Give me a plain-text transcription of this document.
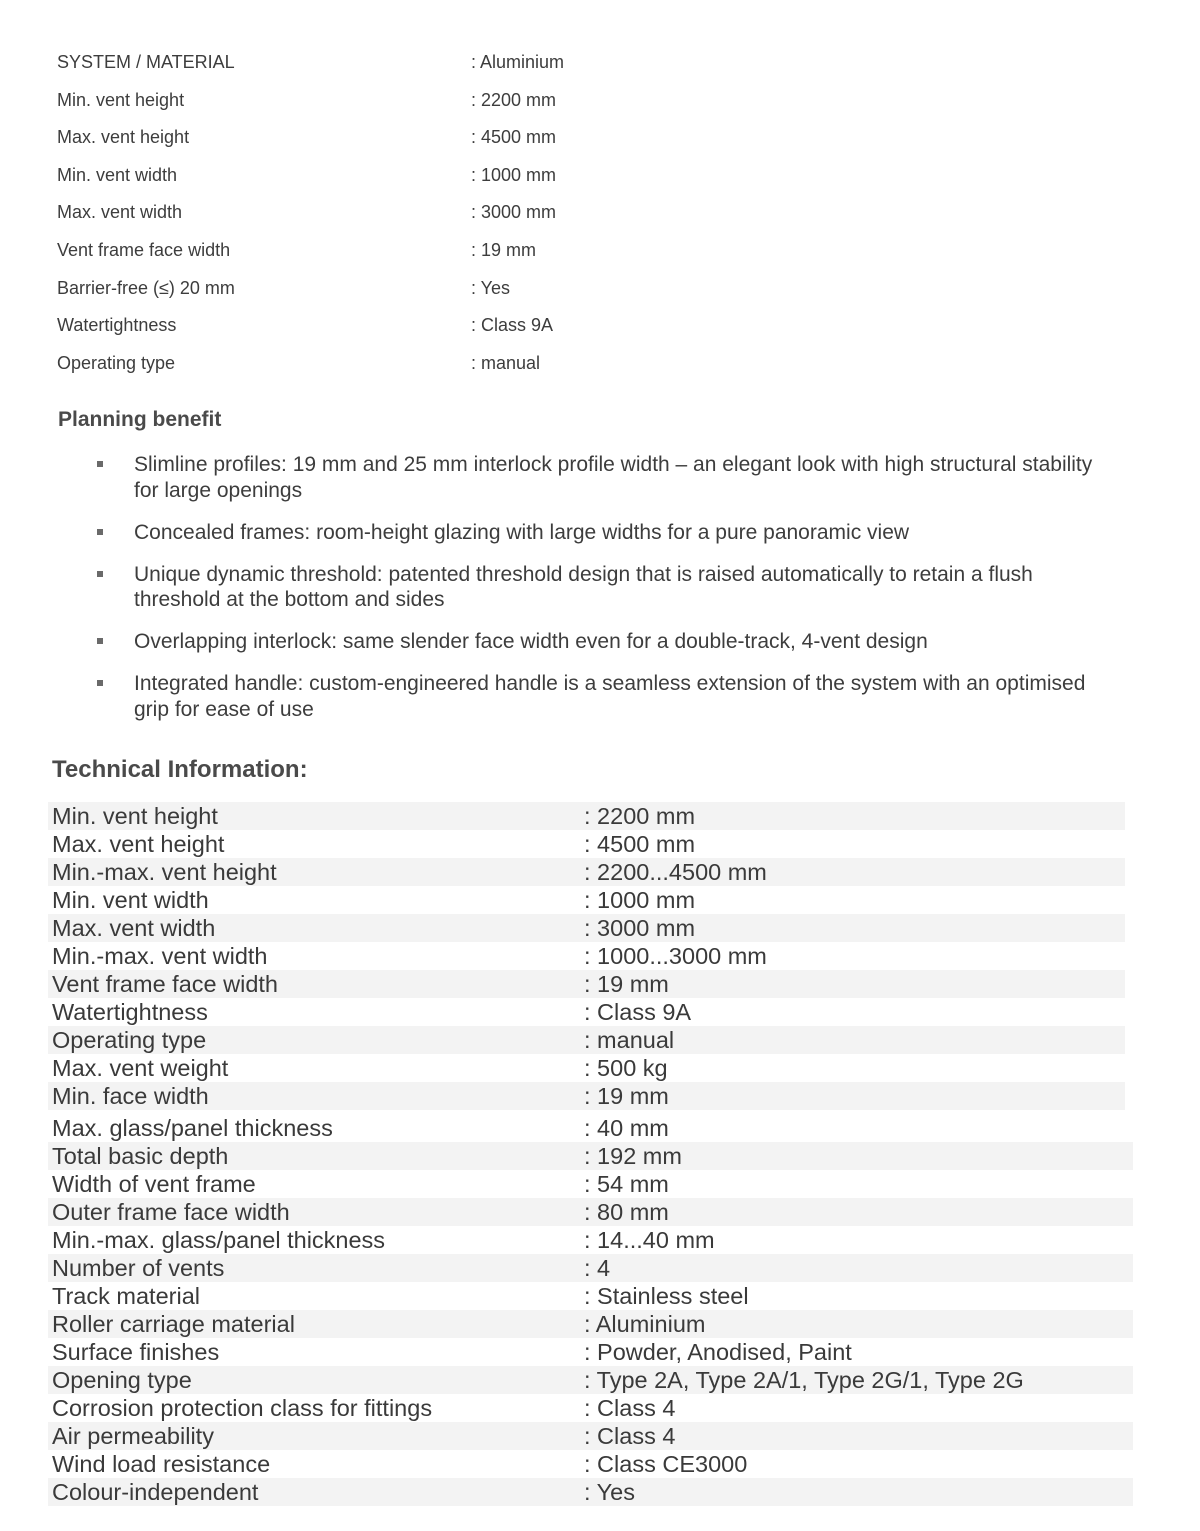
SYSTEM / MATERIAL	: Aluminium
Min. vent height	: 2200 mm
Max. vent height	: 4500 mm
Min. vent width	: 1000 mm
Max. vent width	: 3000 mm
Vent frame face width	: 19 mm
Barrier-free (≤) 20 mm	: Yes
Watertightness	: Class 9A
Operating type	: manual
Planning benefit
Slimline profiles: 19 mm and 25 mm interlock profile width – an elegant look with high structural stability for large openings
Concealed frames: room-height glazing with large widths for a pure panoramic view
Unique dynamic threshold: patented threshold design that is raised automatically to retain a flush threshold at the bottom and sides
Overlapping interlock: same slender face width even for a double-track, 4-vent design
Integrated handle: custom-engineered handle is a seamless extension of the system with an optimised grip for ease of use
Technical Information:
Min. vent height	: 2200 mm
Max. vent height	: 4500 mm
Min.-max. vent height	: 2200...4500 mm
Min. vent width	: 1000 mm
Max. vent width	: 3000 mm
Min.-max. vent width	: 1000...3000 mm
Vent frame face width	: 19 mm
Watertightness	: Class 9A
Operating type	: manual
Max. vent weight	: 500 kg
Min. face width	: 19 mm
Max. glass/panel thickness	: 40 mm
Total basic depth	: 192 mm
Width of vent frame	: 54 mm
Outer frame face width	: 80 mm
Min.-max. glass/panel thickness	: 14...40 mm
Number of vents	: 4
Track material	: Stainless steel
Roller carriage material	: Aluminium
Surface finishes	: Powder, Anodised, Paint
Opening type	: Type 2A, Type 2A/1, Type 2G/1, Type 2G
Corrosion protection class for fittings	: Class 4
Air permeability	: Class 4
Wind load resistance	: Class CE3000
Colour-independent	: Yes
